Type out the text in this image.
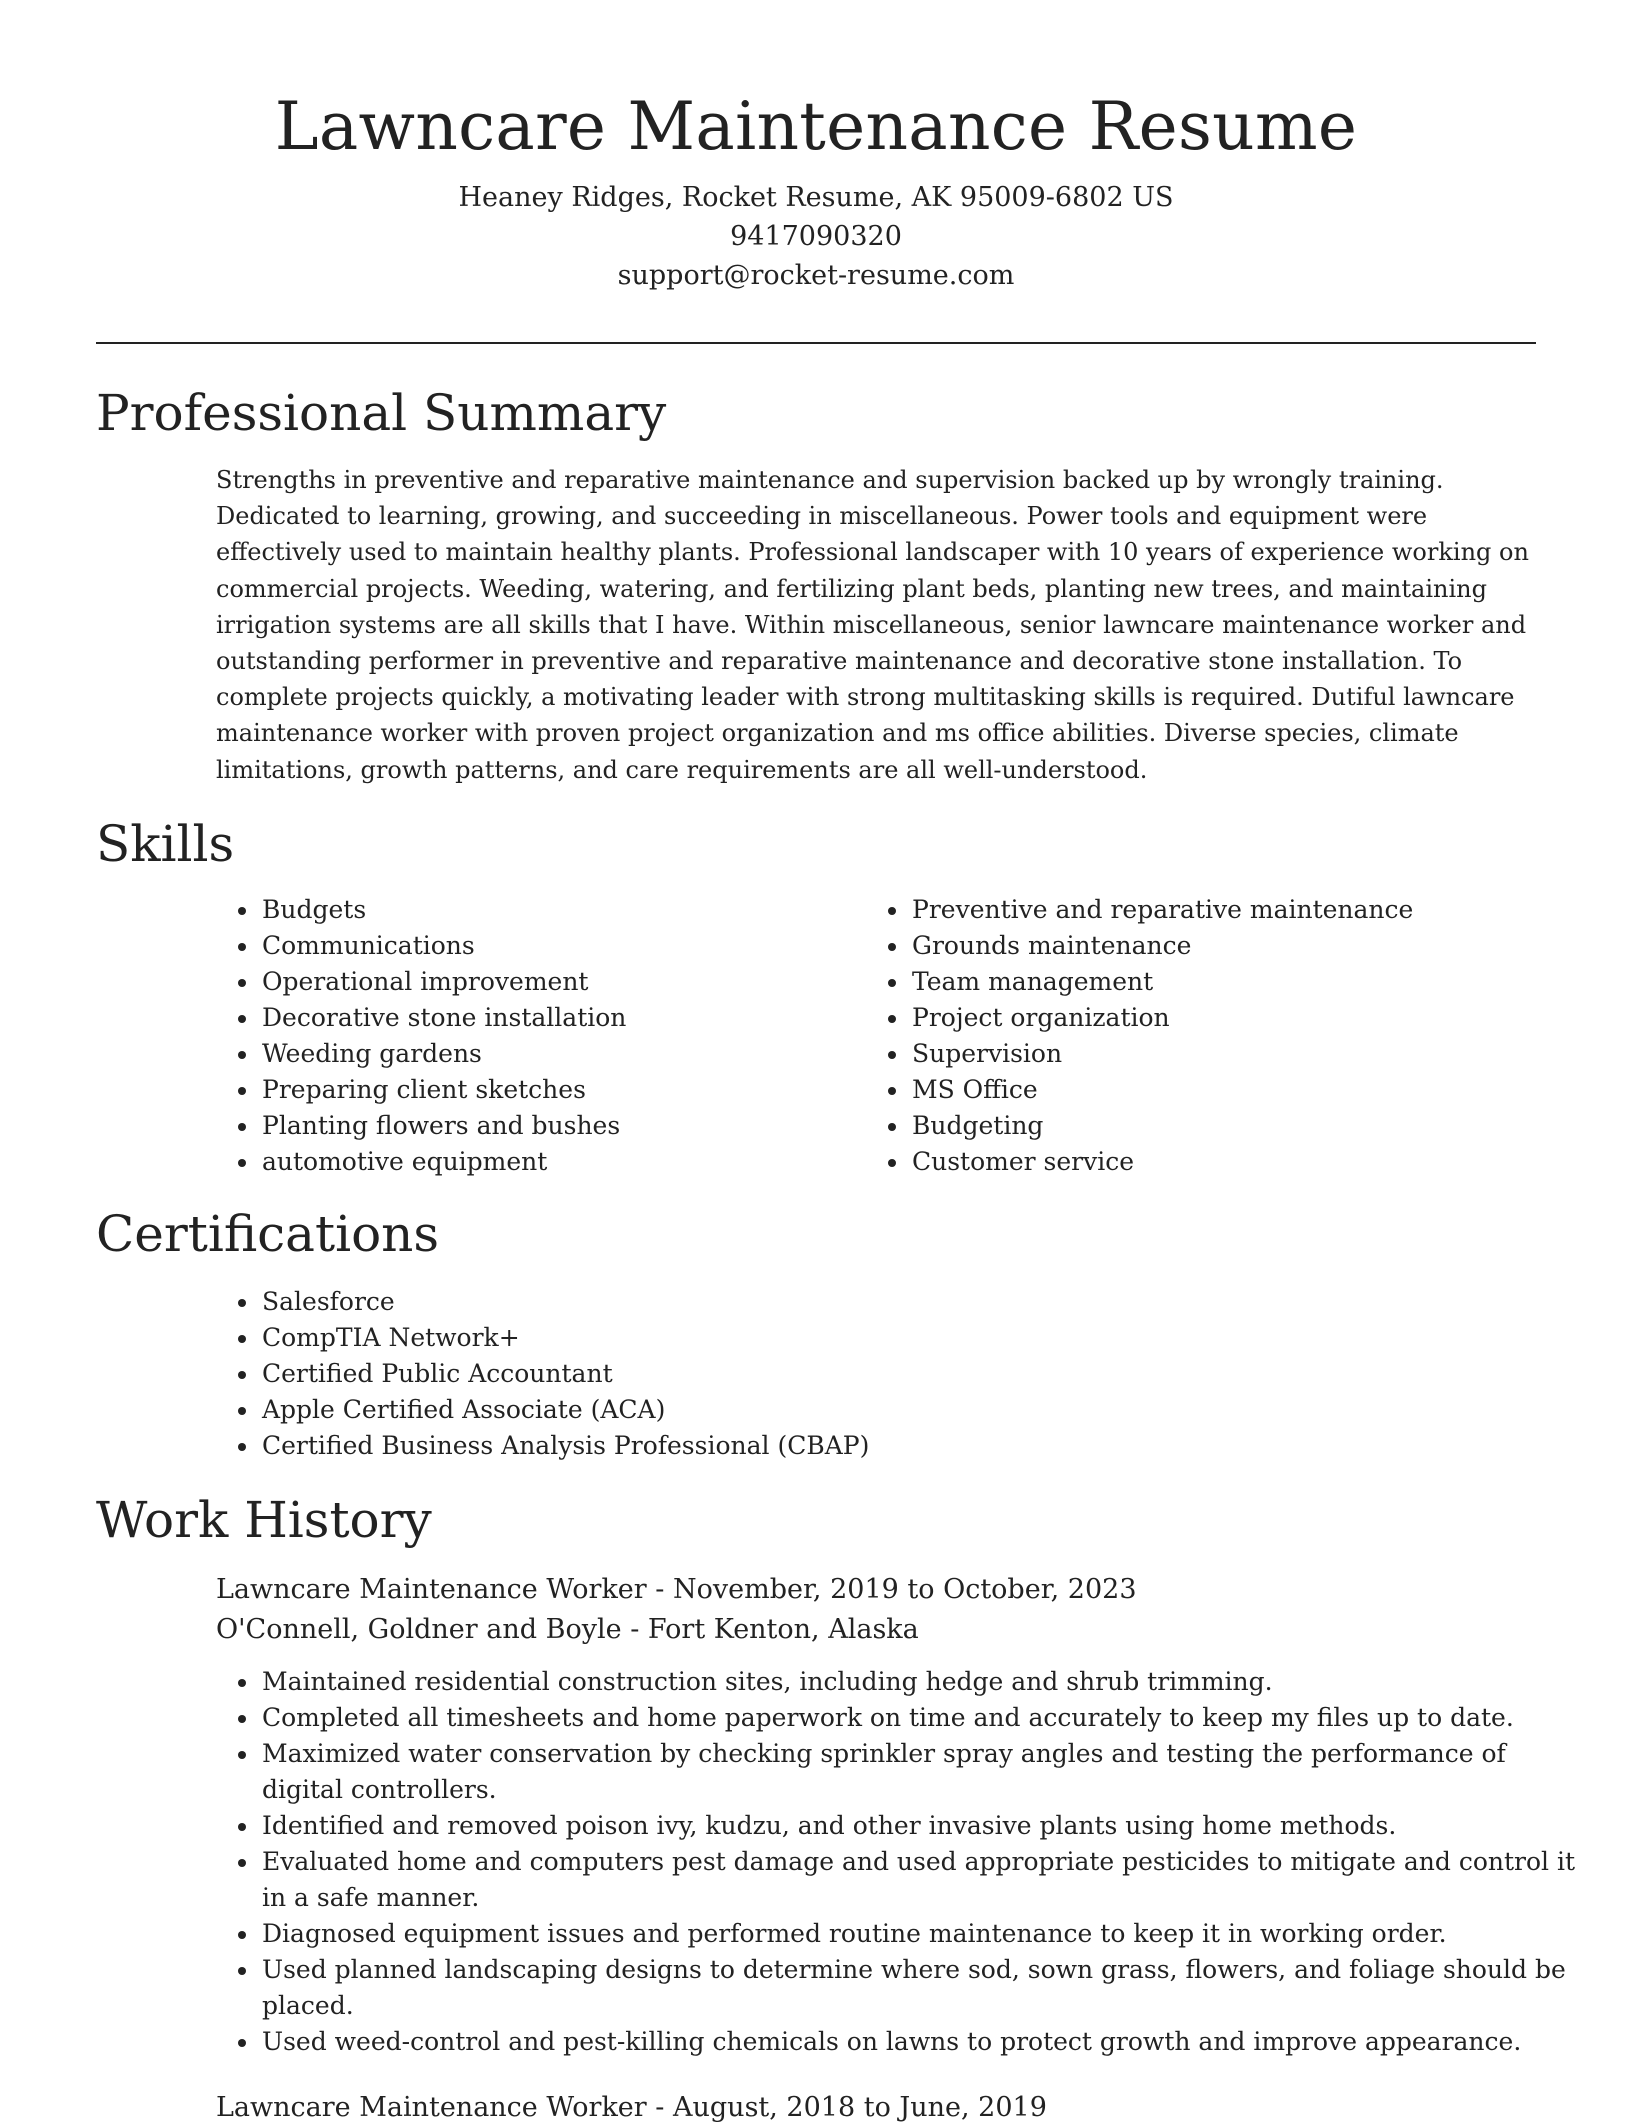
Lawncare Maintenance Resume
Heaney Ridges, Rocket Resume, AK 95009-6802 US
9417090320
support@rocket-resume.com
Professional Summary

Strengths in preventive and reparative maintenance and supervision backed up by wrongly training. Dedicated to learning, growing, and succeeding in miscellaneous. Power tools and equipment were effectively used to maintain healthy plants. Professional landscaper with 10 years of experience working on commercial projects. Weeding, watering, and fertilizing plant beds, planting new trees, and maintaining irrigation systems are all skills that I have. Within miscellaneous, senior lawncare maintenance worker and outstanding performer in preventive and reparative maintenance and decorative stone installation. To complete projects quickly, a motivating leader with strong multitasking skills is required. Dutiful lawncare maintenance worker with proven project organization and ms office abilities. Diverse species, climate limitations, growth patterns, and care requirements are all well-understood.

Skills
• Budgets
• Communications
• Operational improvement
• Decorative stone installation
• Weeding gardens
• Preparing client sketches
• Planting flowers and bushes
• automotive equipment
• Preventive and reparative maintenance
• Grounds maintenance
• Team management
• Project organization
• Supervision
• MS Office
• Budgeting
• Customer service
Certifications
• Salesforce
• CompTIA Network+
• Certified Public Accountant
• Apple Certified Associate (ACA)
• Certified Business Analysis Professional (CBAP)
Work History
Lawncare Maintenance Worker - November, 2019 to October, 2023
O'Connell, Goldner and Boyle - Fort Kenton, Alaska
• Maintained residential construction sites, including hedge and shrub trimming.
• Completed all timesheets and home paperwork on time and accurately to keep my files up to date.
• Maximized water conservation by checking sprinkler spray angles and testing the performance of digital controllers.
• Identified and removed poison ivy, kudzu, and other invasive plants using home methods.
• Evaluated home and computers pest damage and used appropriate pesticides to mitigate and control it in a safe manner.
• Diagnosed equipment issues and performed routine maintenance to keep it in working order.
• Used planned landscaping designs to determine where sod, sown grass, flowers, and foliage should be placed.
• Used weed-control and pest-killing chemicals on lawns to protect growth and improve appearance.
Lawncare Maintenance Worker - August, 2018 to June, 2019
